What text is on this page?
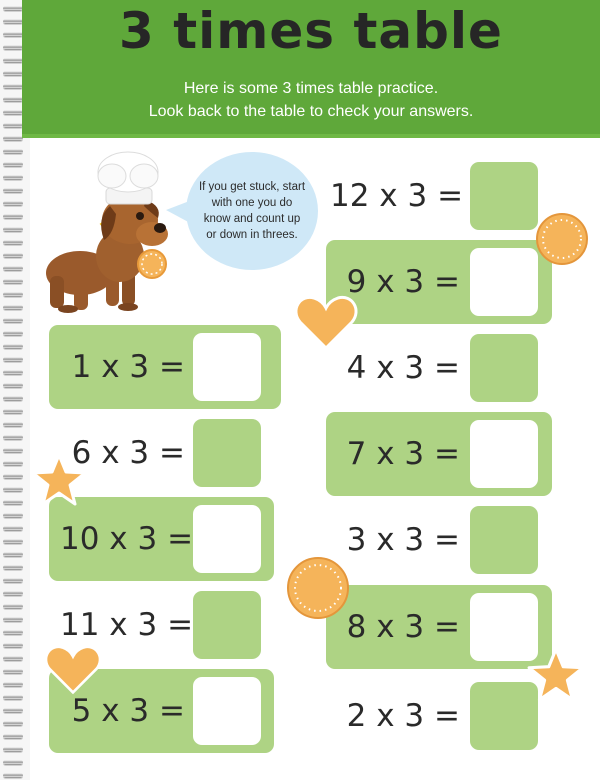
3 times table
Here is some 3 times table practice.
Look back to the table to check your answers.
If you get stuck, start with one you do know and count up or down in threes.
1 x 3 =
6 x 3 =
10 x 3 =
11 x 3 =
5 x 3 =
12 x 3 =
9 x 3 =
4 x 3 =
7 x 3 =
3 x 3 =
8 x 3 =
2 x 3 =
